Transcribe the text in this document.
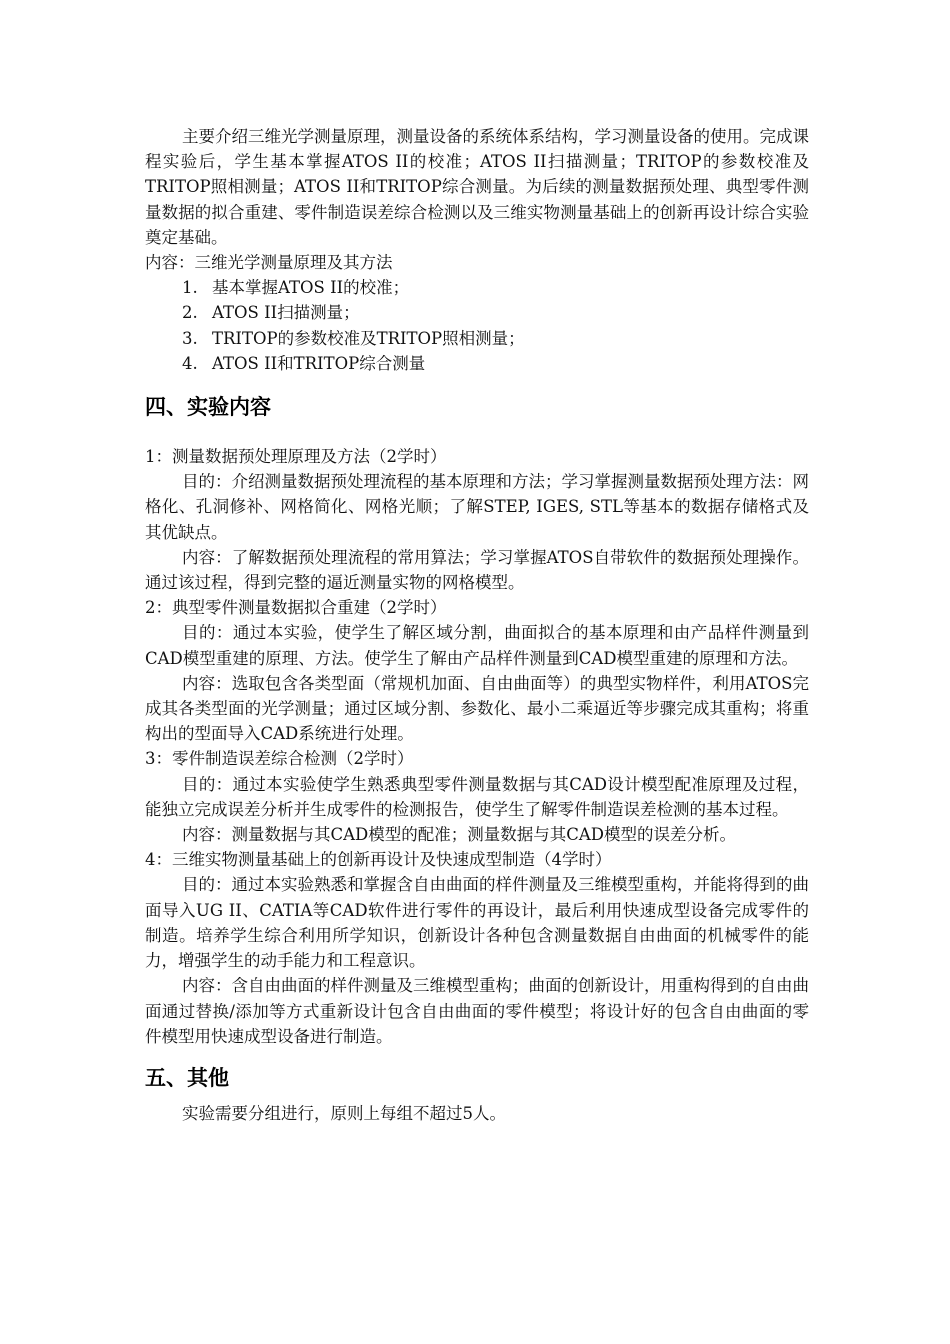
主要介绍三维光学测量原理，测量设备的系统体系结构，学习测量设备的使用。完成课程实验后，学生基本掌握ATOS II的校准；ATOS II扫描测量；TRITOP的参数校准及TRITOP照相测量；ATOS II和TRITOP综合测量。为后续的测量数据预处理、典型零件测量数据的拟合重建、零件制造误差综合检测以及三维实物测量基础上的创新再设计综合实验奠定基础。

内容：三维光学测量原理及其方法

1. 基本掌握ATOS II的校准；
2. ATOS II扫描测量；
3. TRITOP的参数校准及TRITOP照相测量；
4. ATOS II和TRITOP综合测量
四、实验内容

1：测量数据预处理原理及方法（2学时）

目的：介绍测量数据预处理流程的基本原理和方法；学习掌握测量数据预处理方法：网格化、孔洞修补、网格简化、网格光顺；了解STEP, IGES, STL等基本的数据存储格式及其优缺点。

内容：了解数据预处理流程的常用算法；学习掌握ATOS自带软件的数据预处理操作。通过该过程，得到完整的逼近测量实物的网格模型。

2：典型零件测量数据拟合重建（2学时）

目的：通过本实验，使学生了解区域分割，曲面拟合的基本原理和由产品样件测量到CAD模型重建的原理、方法。使学生了解由产品样件测量到CAD模型重建的原理和方法。

内容：选取包含各类型面（常规机加面、自由曲面等）的典型实物样件，利用ATOS完成其各类型面的光学测量；通过区域分割、参数化、最小二乘逼近等步骤完成其重构；将重构出的型面导入CAD系统进行处理。

3：零件制造误差综合检测（2学时）

目的：通过本实验使学生熟悉典型零件测量数据与其CAD设计模型配准原理及过程，能独立完成误差分析并生成零件的检测报告，使学生了解零件制造误差检测的基本过程。

内容：测量数据与其CAD模型的配准；测量数据与其CAD模型的误差分析。

4：三维实物测量基础上的创新再设计及快速成型制造（4学时）

目的：通过本实验熟悉和掌握含自由曲面的样件测量及三维模型重构，并能将得到的曲面导入UG II、CATIA等CAD软件进行零件的再设计，最后利用快速成型设备完成零件的制造。培养学生综合利用所学知识，创新设计各种包含测量数据自由曲面的机械零件的能力，增强学生的动手能力和工程意识。

内容：含自由曲面的样件测量及三维模型重构；曲面的创新设计，用重构得到的自由曲面通过替换/添加等方式重新设计包含自由曲面的零件模型；将设计好的包含自由曲面的零件模型用快速成型设备进行制造。

五、其他

实验需要分组进行，原则上每组不超过5人。
